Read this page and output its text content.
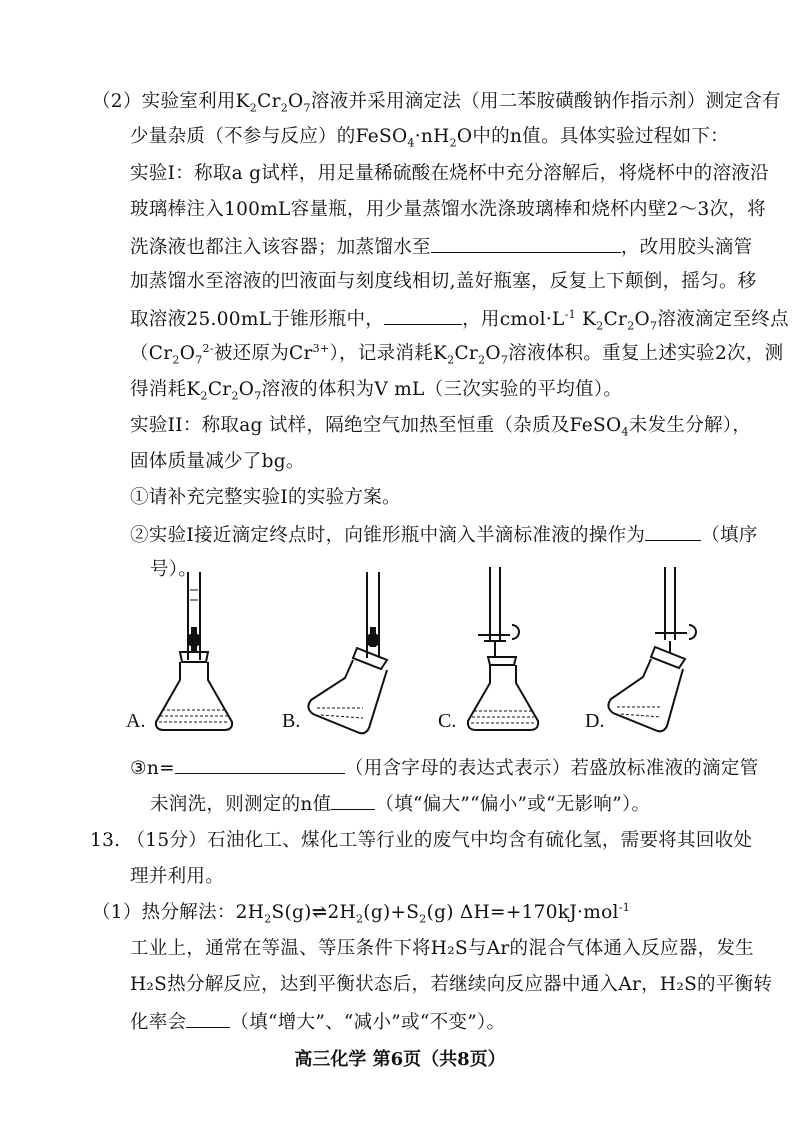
（2）实验室利用$K_2Cr_2O_7$溶液并采用滴定法（用二苯胺磺酸钠作指示剂）测定含有
少量杂质（不参与反应）的$FeSO_4\cdot nH_2O$中的n值。具体实验过程如下：
实验I：称取a g试样，用足量稀硫酸在烧杯中充分溶解后，将烧杯中的溶液沿
玻璃棒注入100mL容量瓶，用少量蒸馏水洗涤玻璃棒和烧杯内壁2～3次，将
洗涤液也都注入该容器；加蒸馏水至	，改用胶头滴管
加蒸馏水至溶液的凹液面与刻度线相切,盖好瓶塞，反复上下颠倒，摇匀。移
取溶液25.00mL于锥形瓶中，	，用$cmol\cdot L^{-1}$ $K_2Cr_2O_7$溶液滴定至终点
（$Cr_2O_7^{2-}$被还原为$Cr^{3+}$），记录消耗$K_2Cr_2O_7$溶液体积。重复上述实验2次，测
得消耗$K_2Cr_2O_7$溶液的体积为V mL（三次实验的平均值）。
实验II：称取ag 试样，隔绝空气加热至恒重（杂质及FeSO$_4$未发生分解），
固体质量减少了bg。
①请补充完整实验I的实验方案。
②实验I接近滴定终点时，向锥形瓶中滴入半滴标准液的操作为	（填序
号）。
A.	B.	C.	D.
③n=	（用含字母的表达式表示）若盛放标准液的滴定管
未润洗，则测定的n值 （填“偏大”“偏小”或“无影响”）。
13. （15分）石油化工、煤化工等行业的废气中均含有硫化氢，需要将其回收处
理并利用。
（1）热分解法：$2H_2S(g)\rightleftharpoons 2H_2(g)+S_2(g)$ ΔH=+170kJ·mol$^{-1}$
工业上，通常在等温、等压条件下将H₂S与Ar的混合气体通入反应器，发生
H₂S热分解反应，达到平衡状态后，若继续向反应器中通入Ar，H₂S的平衡转
化率会 （填“增大”、“减小”或“不变”）。
高三化学 第6页（共8页）
